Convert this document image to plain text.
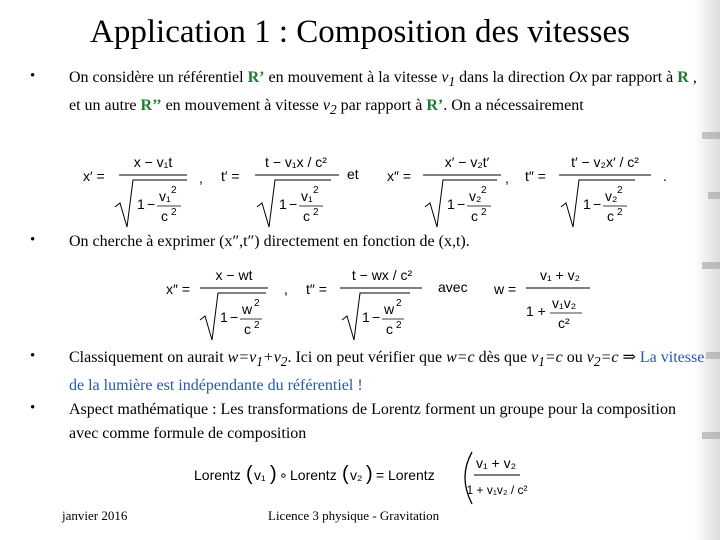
Application 1 : Composition des vitesses
• On considère un référentiel R’ en mouvement à la vitesse $v_1$ dans la direction Ox par rapport à R , et un autre R’’ en mouvement à vitesse $v_2$ par rapport à R’. On a nécessairement
x′ =
x − v₁t
1 − v₁ 2
c 2
, t′ =
t − v₁x / c²
1 − v₁ 2
c 2
et x″ =
x′ − v₂t′
1 − v₂ 2
c 2
, t″ =
t′ − v₂x′ / c²
1 − v₂ 2
c 2
.
• On cherche à exprimer (x″,t″) directement en fonction de (x,t).
x″ =
x − wt
1 − w 2
c 2
, t″ =
t − wx / c²
1 − w 2
c 2
avec w =
v₁ + v₂
1 + v₁v₂
c²
• Classiquement on aurait $w=v_1+v_2$. Ici on peut vérifier que w=c dès que $v_1=c$ ou $v_2=c$ ⇒ La vitesse de la lumière est indépendante du référentiel !
• Aspect mathématique : Les transformations de Lorentz forment un groupe pour la composition avec comme formule de composition
Lorentz ( v₁ ) ∘ Lorentz ( v₂ ) = Lorentz
v₁ + v₂
1 + v₁v₂ / c²
janvier 2016	Licence 3 physique - Gravitation
